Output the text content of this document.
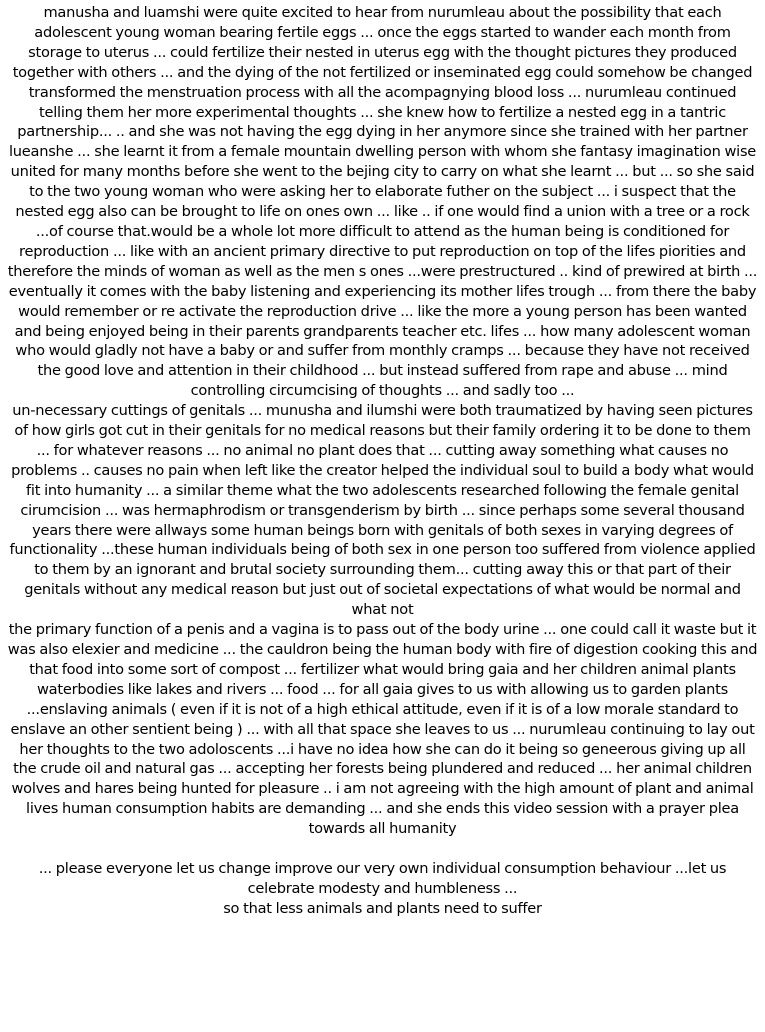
manusha and luamshi were quite excited to hear from nurumleau about the possibility that each adolescent young woman bearing fertile eggs ... once the eggs started to wander each month from storage to uterus ... could fertilize their nested in uterus egg with the thought pictures they produced together with others ... and the dying of the not fertilized or inseminated egg could somehow be changed transformed the menstruation process with all the acompagnying blood loss ... nurumleau continued telling them her more experimental thoughts ... she knew how to fertilize a nested egg in a tantric partnership... .. and she was not having the egg dying in her anymore since she trained with her partner lueanshe ... she learnt it from a female mountain dwelling person with whom she fantasy imagination wise united for many months before she went to the bejing city to carry on what she learnt ... but ... so she said to the two young woman who were asking her to elaborate futher on the subject ... i suspect that the nested egg also can be brought to life on ones own ... like .. if one would find a union with a tree or a rock ...of course that.would be a whole lot more difficult to attend as the human being is conditioned for reproduction ... like with an ancient primary directive to put reproduction on top of the lifes piorities and therefore the minds of woman as well as the men s ones ...were prestructured .. kind of prewired at birth ... eventually it comes with the baby listening and experiencing its mother lifes trough ... from there the baby would remember or re activate the reproduction drive ... like the more a young person has been wanted and being enjoyed being in their parents grandparents teacher etc. lifes ... how many adolescent woman who would gladly not have a baby or and suffer from monthly cramps ... because they have not received the good love and attention in their childhood ... but instead suffered from rape and abuse ... mind controlling circumcising of thoughts ... and sadly too ...

un-necessary cuttings of genitals ... munusha and ilumshi were both traumatized by having seen pictures of how girls got cut in their genitals for no medical reasons but their family ordering it to be done to them ... for whatever reasons ... no animal no plant does that ... cutting away something what causes no problems .. causes no pain when left like the creator helped the individual soul to build a body what would fit into humanity ... a similar theme what the two adolescents researched following the female genital cirumcision ... was hermaphrodism or transgenderism by birth ... since perhaps some several thousand years there were allways some human beings born with genitals of both sexes in varying degrees of functionality ...these human individuals being of both sex in one person too suffered from violence applied to them by an ignorant and brutal society surrounding them... cutting away this or that part of their genitals without any medical reason but just out of societal expectations of what would be normal and what not

the primary function of a penis and a vagina is to pass out of the body urine ... one could call it waste but it was also elexier and medicine ... the cauldron being the human body with fire of digestion cooking this and that food into some sort of compost ... fertilizer what would bring gaia and her children animal plants waterbodies like lakes and rivers ... food ... for all gaia gives to us with allowing us to garden plants ...enslaving animals ( even if it is not of a high ethical attitude, even if it is of a low morale standard to enslave an other sentient being ) ... with all that space she leaves to us ... nurumleau continuing to lay out her thoughts to the two adoloscents ...i have no idea how she can do it being so geneerous giving up all the crude oil and natural gas ... accepting her forests being plundered and reduced ... her animal children wolves and hares being hunted for pleasure .. i am not agreeing with the high amount of plant and animal lives human consumption habits are demanding ... and she ends this video session with a prayer plea towards all humanity

... please everyone let us change improve our very own individual consumption behaviour ...let us celebrate modesty and humbleness ...

so that less animals and plants need to suffer
